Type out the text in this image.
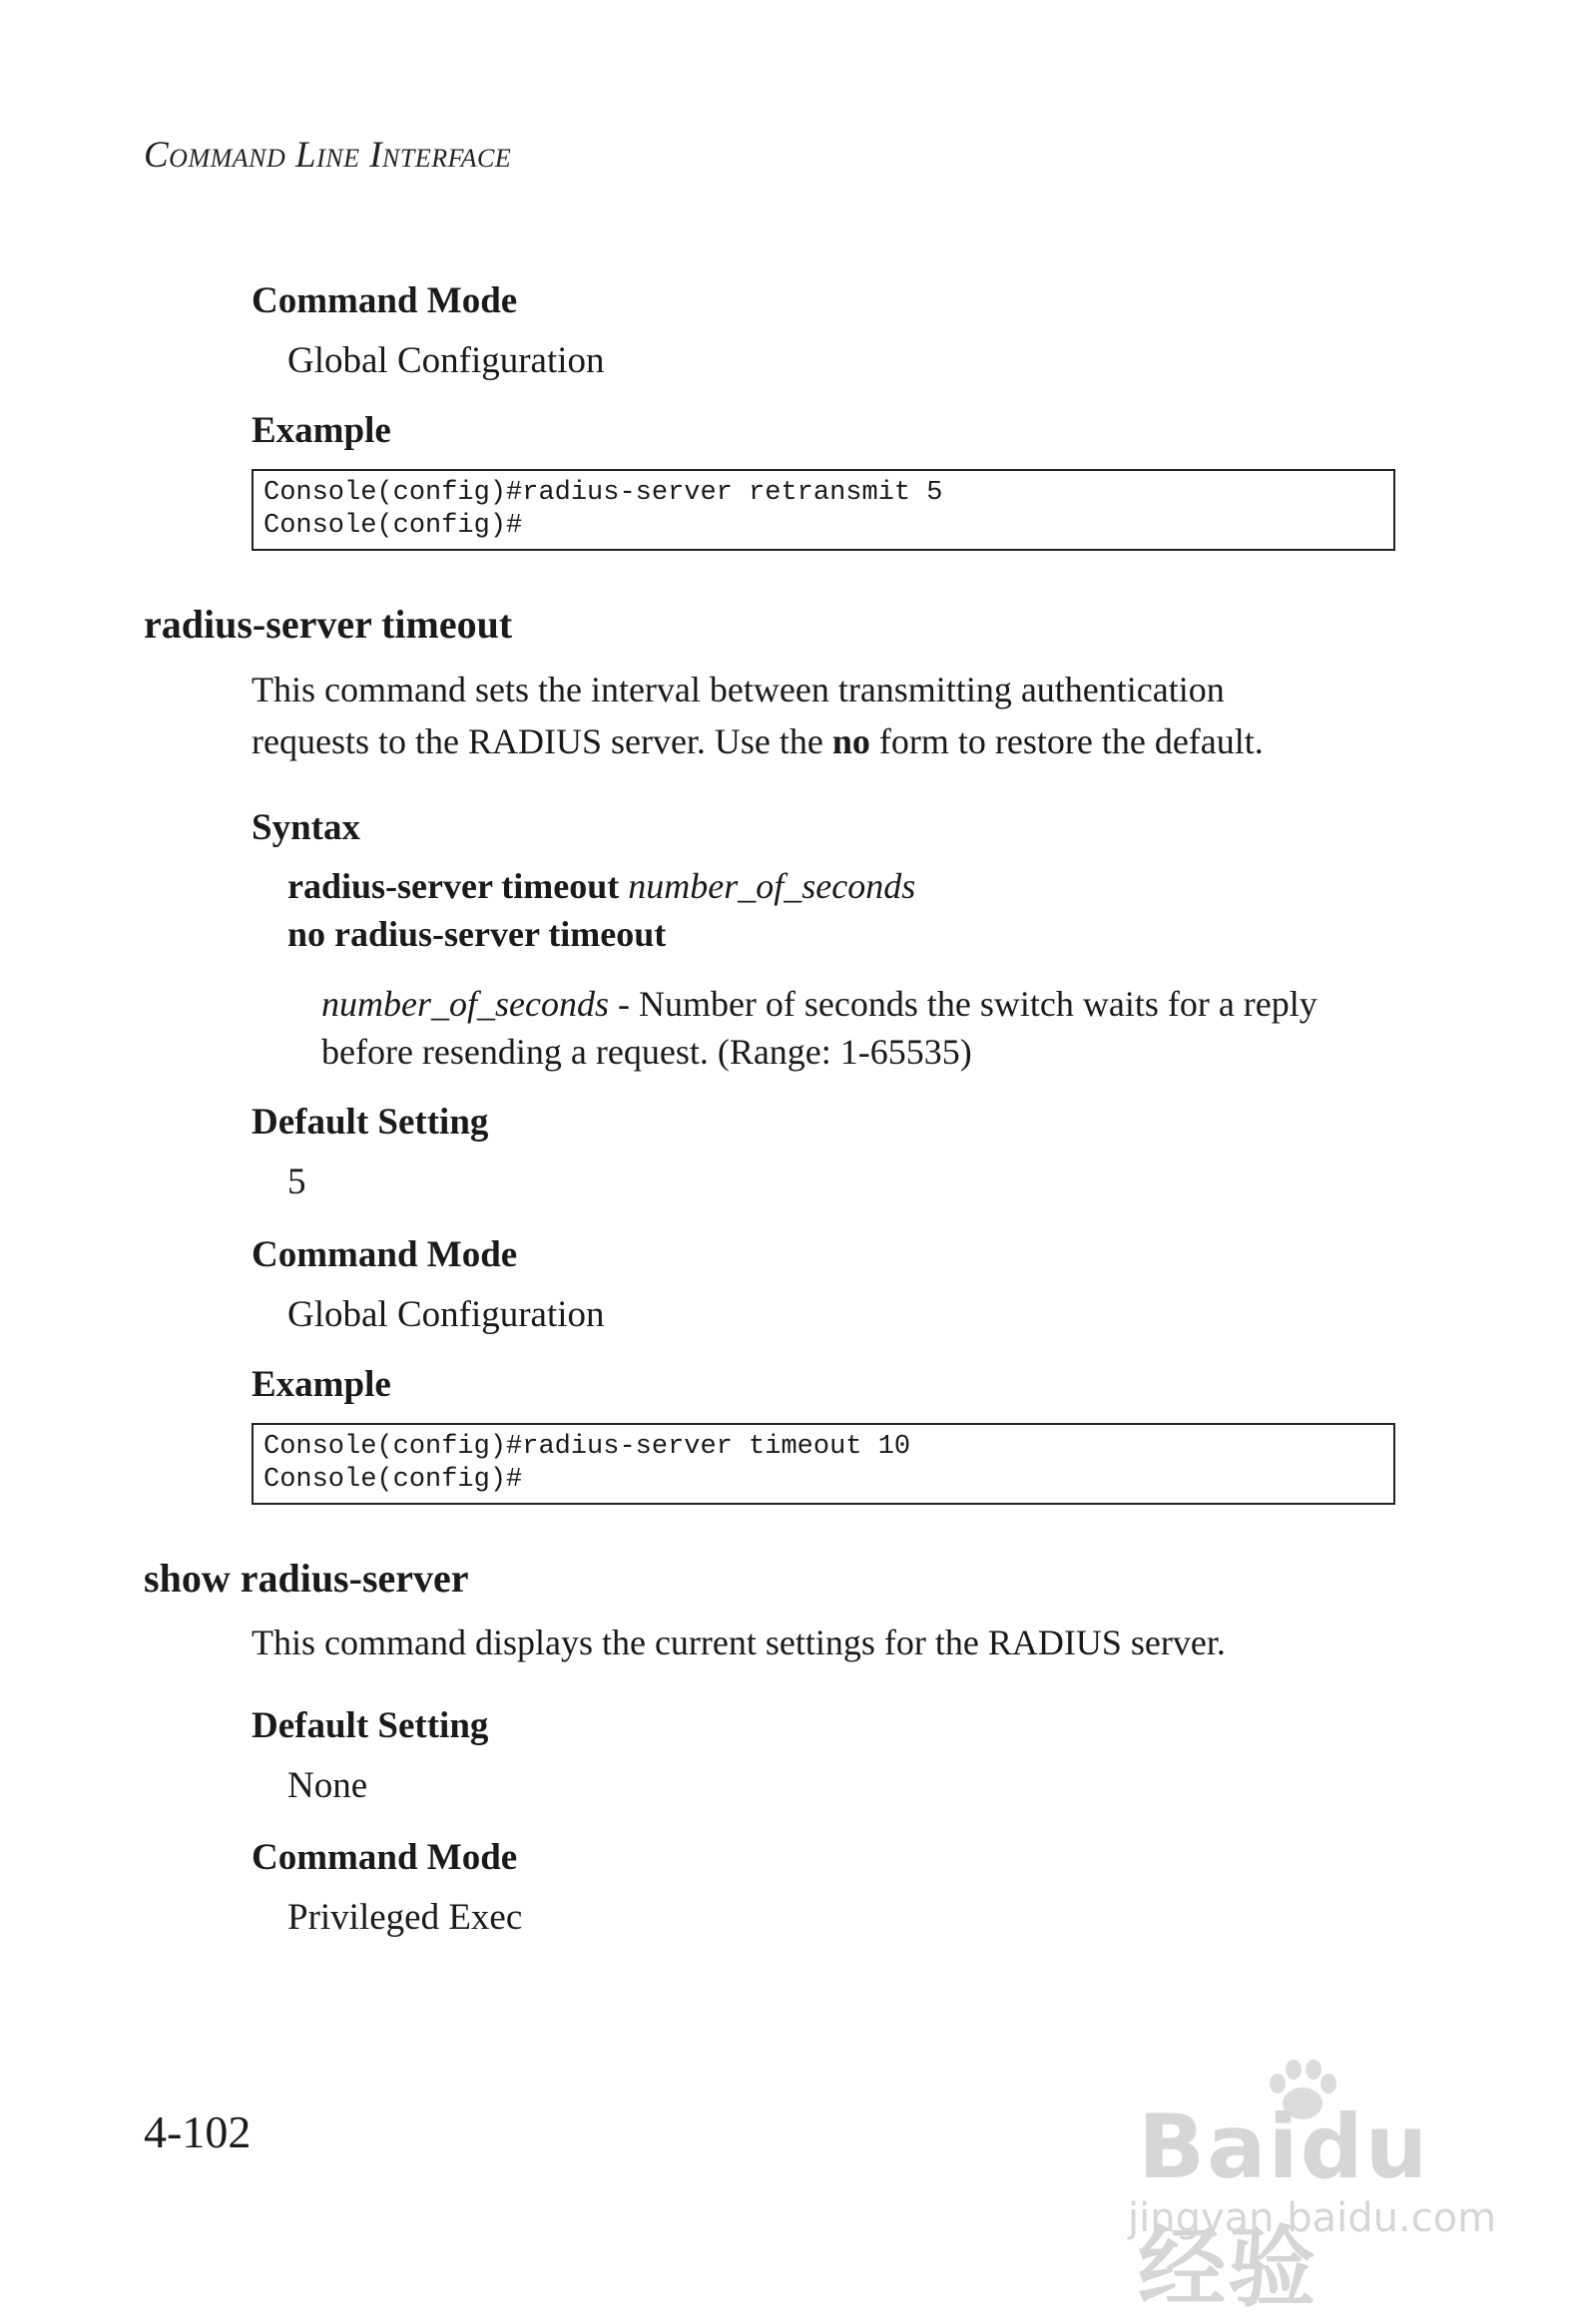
Command Line Interface
Command Mode
Global Configuration
Example
Console(config)#radius-server retransmit 5
Console(config)#
radius-server timeout
This command sets the interval between transmitting authentication
requests to the RADIUS server. Use the no form to restore the default.
Syntax
radius-server timeout number_of_seconds
no radius-server timeout
number_of_seconds - Number of seconds the switch waits for a reply
before resending a request. (Range: 1-65535)
Default Setting
5
Command Mode
Global Configuration
Example
Console(config)#radius-server timeout 10
Console(config)#
show radius-server
This command displays the current settings for the RADIUS server.
Default Setting
None
Command Mode
Privileged Exec
4-102	Baidu 经验
jingyan.baidu.com
